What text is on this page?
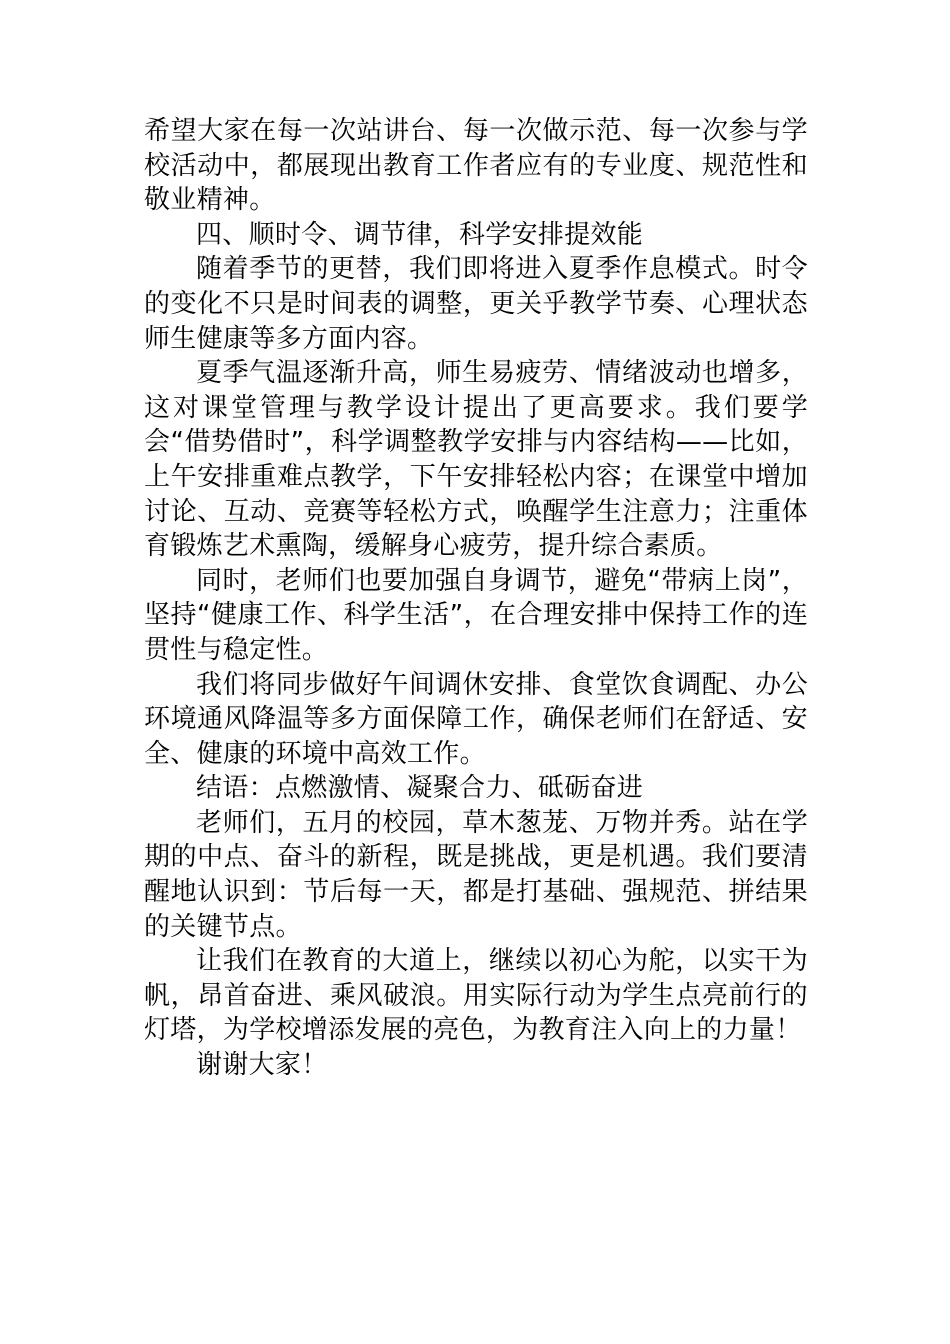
希望大家在每一次站讲台、每一次做示范、每一次参与学校活动中，都展现出教育工作者应有的专业度、规范性和敬业精神。

四、顺时令、调节律，科学安排提效能

随着季节的更替，我们即将进入夏季作息模式。时令的变化不只是时间表的调整，更关乎教学节奏、心理状态师生健康等多方面内容。

夏季气温逐渐升高，师生易疲劳、情绪波动也增多，这对课堂管理与教学设计提出了更高要求。我们要学会“借势借时”，科学调整教学安排与内容结构——比如，上午安排重难点教学，下午安排轻松内容；在课堂中增加讨论、互动、竞赛等轻松方式，唤醒学生注意力；注重体育锻炼艺术熏陶，缓解身心疲劳，提升综合素质。

同时，老师们也要加强自身调节，避免“带病上岗”，坚持“健康工作、科学生活”，在合理安排中保持工作的连贯性与稳定性。

我们将同步做好午间调休安排、食堂饮食调配、办公环境通风降温等多方面保障工作，确保老师们在舒适、安全、健康的环境中高效工作。

结语：点燃激情、凝聚合力、砥砺奋进

老师们，五月的校园，草木葱茏、万物并秀。站在学期的中点、奋斗的新程，既是挑战，更是机遇。我们要清醒地认识到：节后每一天，都是打基础、强规范、拼结果的关键节点。

让我们在教育的大道上，继续以初心为舵，以实干为帆，昂首奋进、乘风破浪。用实际行动为学生点亮前行的灯塔，为学校增添发展的亮色，为教育注入向上的力量！

谢谢大家！
